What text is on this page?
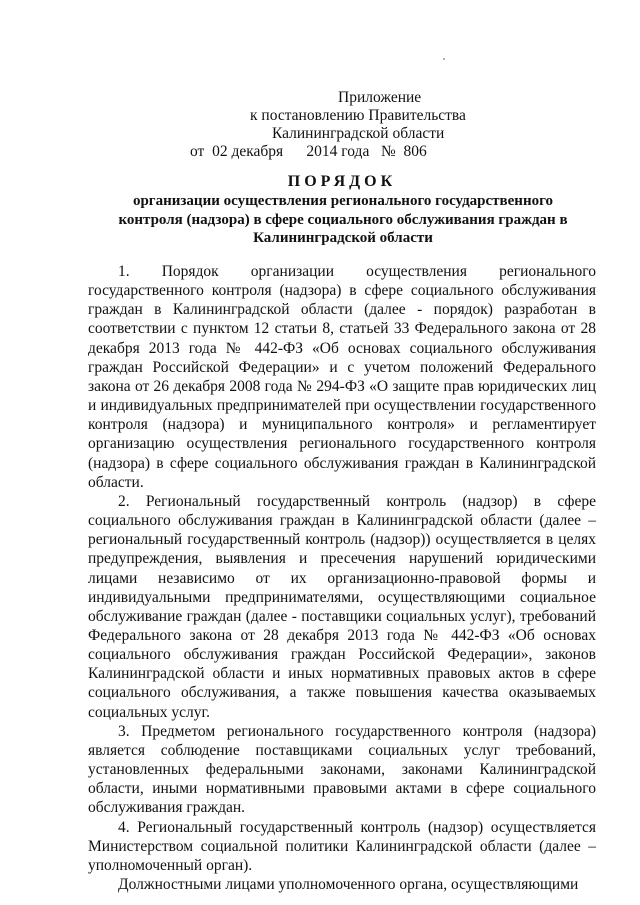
Приложение
к постановлению Правительства
Калининградской области
от  02 декабря      2014 года   №  806
ПОРЯДОК
организации осуществления регионального государственного контроля (надзора) в сфере социального обслуживания граждан в Калининградской области

1. Порядок организации осуществления регионального государственного контроля (надзора) в сфере социального обслуживания граждан в Калининградской области (далее - порядок) разработан в соответствии с пунктом 12 статьи 8, статьей 33 Федерального закона от 28 декабря 2013 года № 442-ФЗ «Об основах социального обслуживания граждан Российской Федерации» и с учетом положений Федерального закона от 26 декабря 2008 года № 294-ФЗ «О защите прав юридических лиц и индивидуальных предпринимателей при осуществлении государственного контроля (надзора) и муниципального контроля» и регламентирует организацию осуществления регионального государственного контроля (надзора) в сфере социального обслуживания граждан в Калининградской области.

2. Региональный государственный контроль (надзор) в сфере социального обслуживания граждан в Калининградской области (далее – региональный государственный контроль (надзор)) осуществляется в целях предупреждения, выявления и пресечения нарушений юридическими лицами независимо от их организационно-правовой формы и индивидуальными предпринимателями, осуществляющими социальное обслуживание граждан (далее - поставщики социальных услуг), требований Федерального закона от 28 декабря 2013 года № 442-ФЗ «Об основах социального обслуживания граждан Российской Федерации», законов Калининградской области и иных нормативных правовых актов в сфере социального обслуживания, а также повышения качества оказываемых социальных услуг.

3. Предметом регионального государственного контроля (надзора) является соблюдение поставщиками социальных услуг требований, установленных федеральными законами, законами Калининградской области, иными нормативными правовыми актами в сфере социального обслуживания граждан.

4. Региональный государственный контроль (надзор) осуществляется Министерством социальной политики Калининградской области (далее – уполномоченный орган).

Должностными лицами уполномоченного органа, осуществляющими
